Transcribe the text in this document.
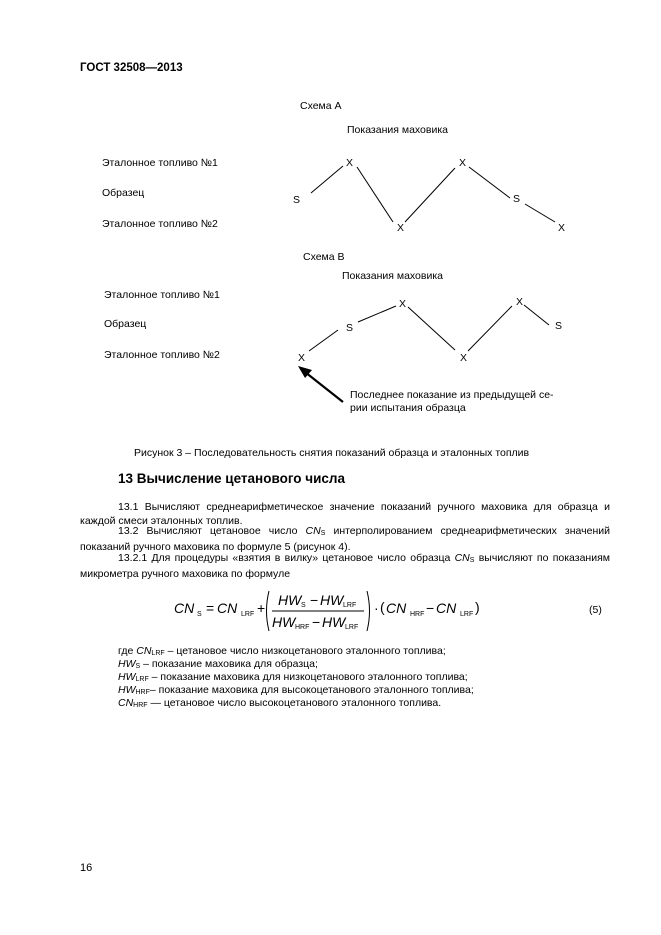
ГОСТ 32508—2013
Схема А
Показания маховика
Эталонное топливо №1
Образец
Эталонное топливо №2
S
X
X
X
S
X
Схема В
Показания маховика
Эталонное топливо №1
Образец
Эталонное топливо №2	X
S
X
X
X
S
Последнее показание из предыдущей се-
рии испытания образца
Рисунок 3 – Последовательность снятия показаний образца и эталонных топлив
13 Вычисление цетанового числа
13.1 Вычисляют среднеарифметическое значение показаний ручного маховика для образца и каждой смеси эталонных топлив.
13.2 Вычисляют цетановое число $CN_S$ интерполированием среднеарифметических значений показаний ручного маховика по формуле 5 (рисунок 4).
13.2.1 Для процедуры «взятия в вилку» цетановое число образца $CN_S$ вычисляют по показаниям микрометра ручного маховика по формуле
CN S = CN LRF + HW S − HW LRF
HW HRF − HW LRF
· ( CN HRF − CN LRF )	(5)
где $CN_{LRF}$ – цетановое число низкоцетанового эталонного топлива;
$HW_S$ – показание маховика для образца;
$HW_{LRF}$ – показание маховика для низкоцетанового эталонного топлива;
$HW_{HRF}-$ показание маховика для высокоцетанового эталонного топлива;
$CN_{HRF}$ — цетановое число высокоцетанового эталонного топлива.
16
